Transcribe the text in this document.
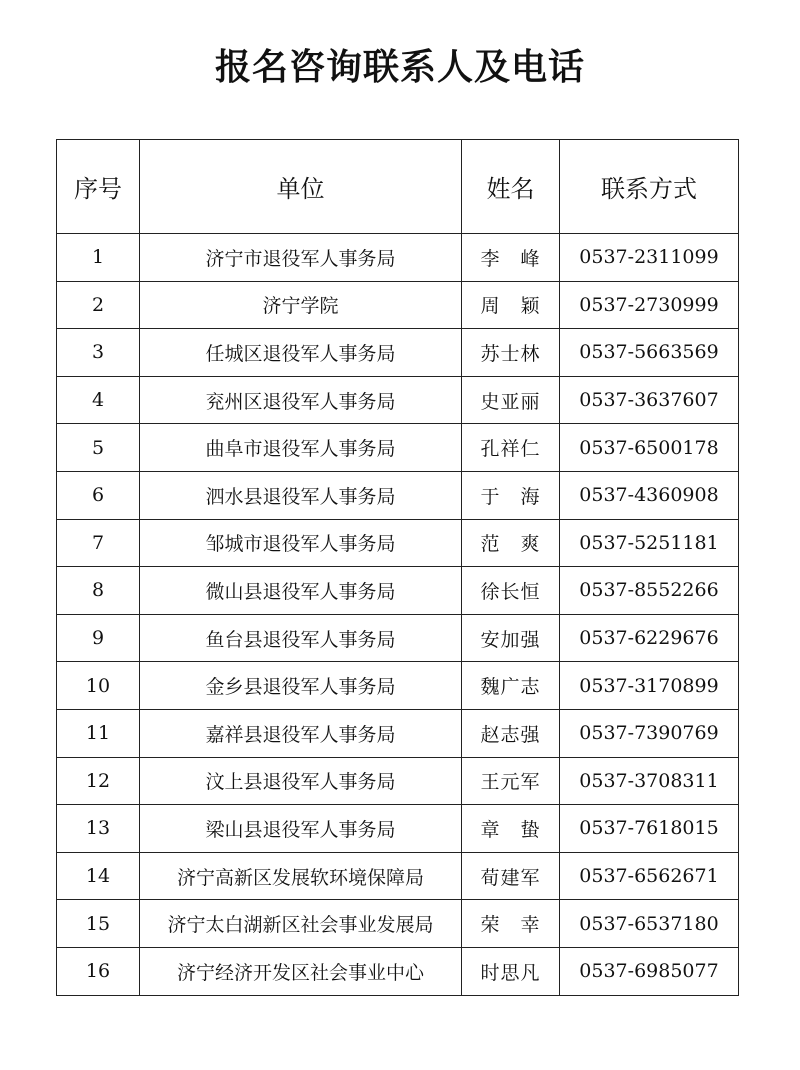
报名咨询联系人及电话
序号	单位	姓名	联系方式
1	济宁市退役军人事务局	李　峰	0537-2311099
2	济宁学院	周　颖	0537-2730999
3	任城区退役军人事务局	苏士林	0537-5663569
4	兖州区退役军人事务局	史亚丽	0537-3637607
5	曲阜市退役军人事务局	孔祥仁	0537-6500178
6	泗水县退役军人事务局	于　海	0537-4360908
7	邹城市退役军人事务局	范　爽	0537-5251181
8	微山县退役军人事务局	徐长恒	0537-8552266
9	鱼台县退役军人事务局	安加强	0537-6229676
10	金乡县退役军人事务局	魏广志	0537-3170899
11	嘉祥县退役军人事务局	赵志强	0537-7390769
12	汶上县退役军人事务局	王元军	0537-3708311
13	梁山县退役军人事务局	章　蛰	0537-7618015
14	济宁高新区发展软环境保障局	荀建军	0537-6562671
15	济宁太白湖新区社会事业发展局	荣　幸	0537-6537180
16	济宁经济开发区社会事业中心	时思凡	0537-6985077
